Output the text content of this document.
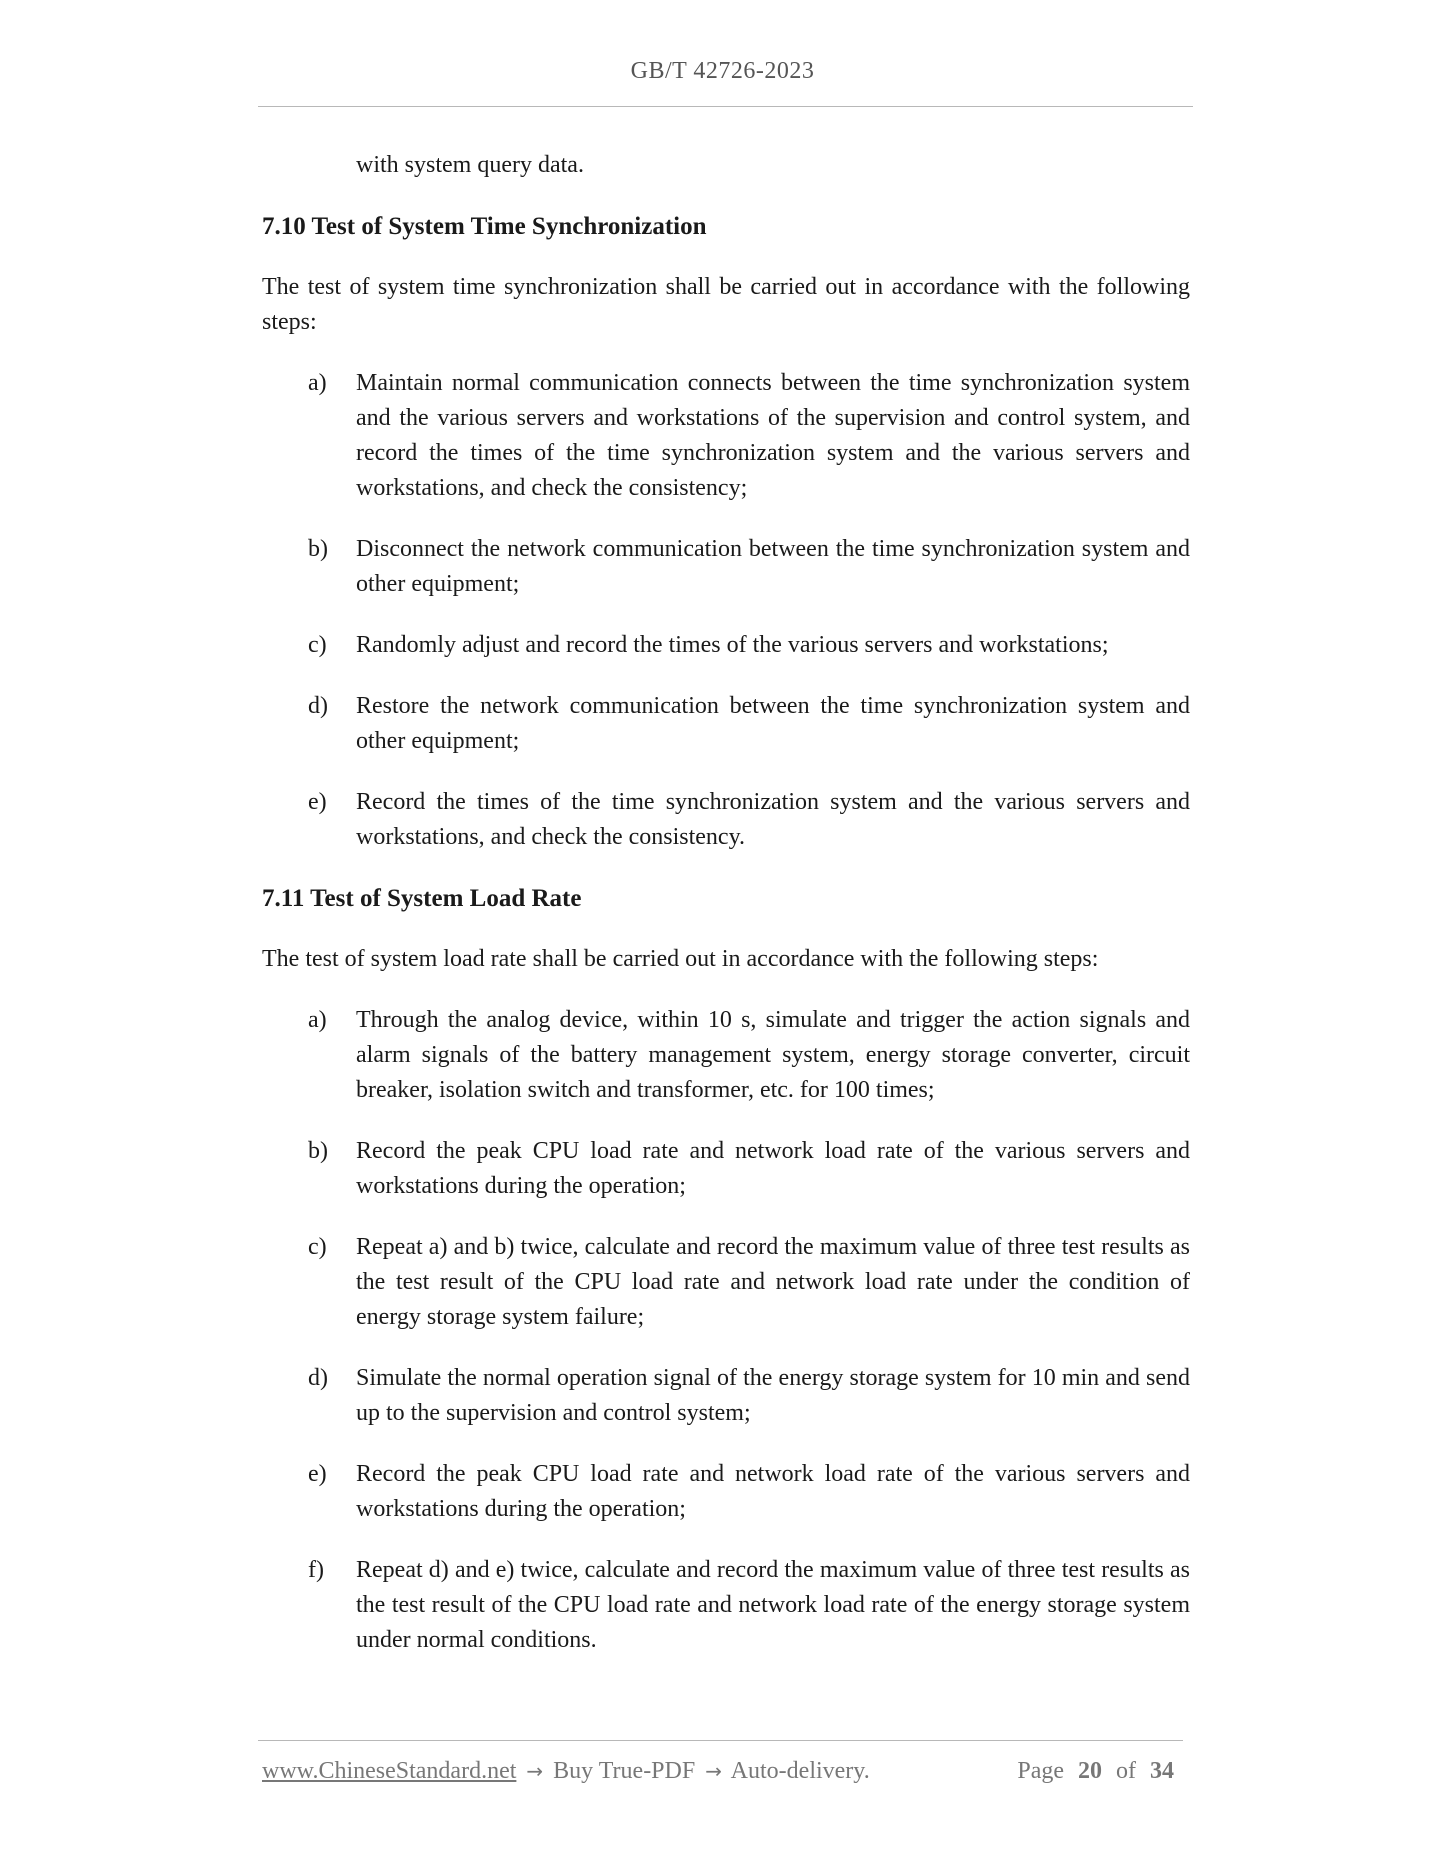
GB/T 42726-2023
with system query data.
7.10 Test of System Time Synchronization
The test of system time synchronization shall be carried out in accordance with the following steps:
a) Maintain normal communication connects between the time synchronization system and the various servers and workstations of the supervision and control system, and record the times of the time synchronization system and the various servers and workstations, and check the consistency;
b) Disconnect the network communication between the time synchronization system and other equipment;
c) Randomly adjust and record the times of the various servers and workstations;
d) Restore the network communication between the time synchronization system and other equipment;
e) Record the times of the time synchronization system and the various servers and workstations, and check the consistency.
7.11 Test of System Load Rate
The test of system load rate shall be carried out in accordance with the following steps:
a) Through the analog device, within 10 s, simulate and trigger the action signals and alarm signals of the battery management system, energy storage converter, circuit breaker, isolation switch and transformer, etc. for 100 times;
b) Record the peak CPU load rate and network load rate of the various servers and workstations during the operation;
c) Repeat a) and b) twice, calculate and record the maximum value of three test results as the test result of the CPU load rate and network load rate under the condition of energy storage system failure;
d) Simulate the normal operation signal of the energy storage system for 10 min and send up to the supervision and control system;
e) Record the peak CPU load rate and network load rate of the various servers and workstations during the operation;
f) Repeat d) and e) twice, calculate and record the maximum value of three test results as the test result of the CPU load rate and network load rate of the energy storage system under normal conditions.
www.ChineseStandard.net → Buy True-PDF → Auto-delivery.	Page 20 of 34
